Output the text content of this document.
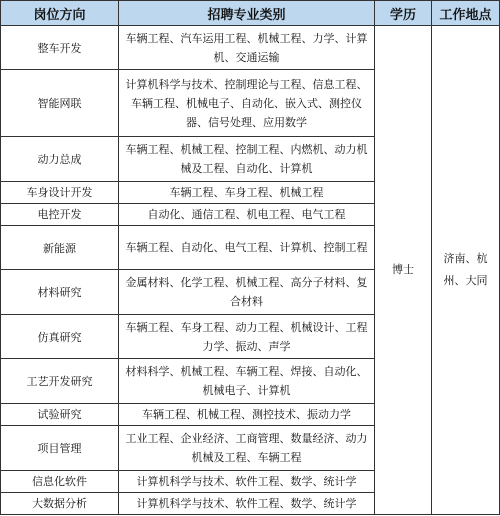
岗位方向	招聘专业类别	学历	工作地点
整车开发	车辆工程、汽车运用工程、机械工程、力学、计算机、交通运输	博士	济南、杭州、大同
智能网联	计算机科学与技术、控制理论与工程、信息工程、车辆工程、机械电子、自动化、嵌入式、测控仪器、信号处理、应用数学		
动力总成	车辆工程、机械工程、控制工程、内燃机、动力机械及工程、自动化、计算机		
车身设计开发	车辆工程、车身工程、机械工程		
电控开发	自动化、通信工程、机电工程、电气工程		
新能源	车辆工程、自动化、电气工程、计算机、控制工程		
材料研究	金属材料、化学工程、机械工程、高分子材料、复合材料		
仿真研究	车辆工程、车身工程、动力工程、机械设计、工程力学、振动、声学		
工艺开发研究	材料科学、机械工程、车辆工程、焊接、自动化、机械电子、计算机		
试验研究	车辆工程、机械工程、测控技术、振动力学		
项目管理	工业工程、企业经济、工商管理、数量经济、动力机械及工程、车辆工程		
信息化软件	计算机科学与技术、软件工程、数学、统计学		
大数据分析	计算机科学与技术、软件工程、数学、统计学		
